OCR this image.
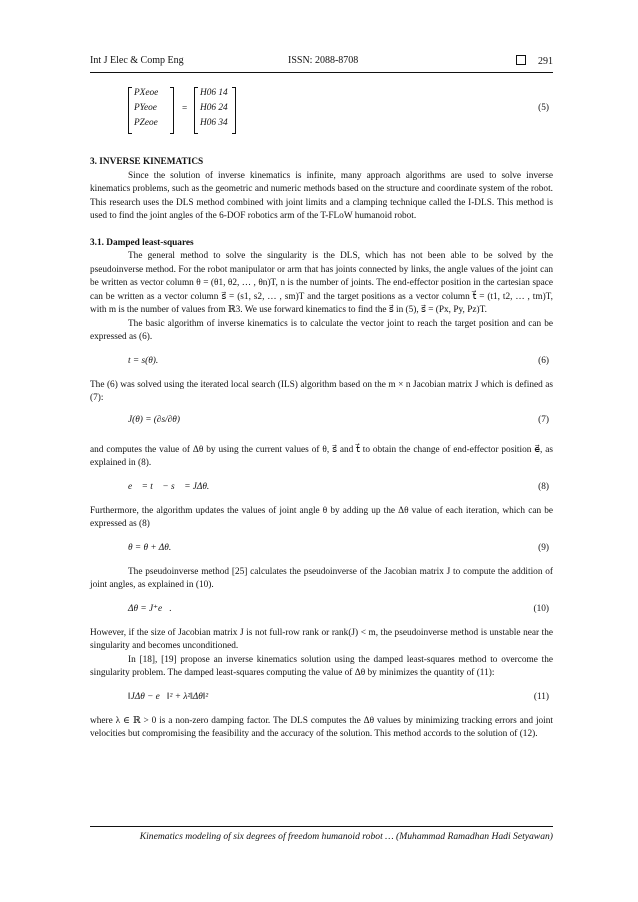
Int J Elec & Comp Eng	ISSN: 2088-8708	291
PXeoe
PYeoe
PZeoe
=
H06 14
H06 24
H06 34
(5)

3. INVERSE KINEMATICS

Since the solution of inverse kinematics is infinite, many approach algorithms are used to solve inverse kinematics problems, such as the geometric and numeric methods based on the structure and coordinate system of the robot. This research uses the DLS method combined with joint limits and a clamping technique called the I-DLS. This method is used to find the joint angles of the 6-DOF robotics arm of the T-FLoW humanoid robot.

3.1. Damped least-squares

The general method to solve the singularity is the DLS, which has not been able to be solved by the pseudoinverse method. For the robot manipulator or arm that has joints connected by links, the angle values of the joint can be written as vector column θ = (θ1, θ2, … , θn)T, n is the number of joints. The end-effector position in the cartesian space can be written as a vector column s⃗ = (s1, s2, … , sm)T and the target positions as a vector column t⃗ = (t1, t2, … , tm)T, with m is the number of values from ℝ3. We use forward kinematics to find the s⃗ in (5), s⃗ = (Px, Py, Pz)T.

The basic algorithm of inverse kinematics is to calculate the vector joint to reach the target position and can be expressed as (6).

t = s(θ).	(6)

The (6) was solved using the iterated local search (ILS) algorithm based on the m × n Jacobian matrix J which is defined as (7):

J(θ) = (∂s/∂θ)	(7)

and computes the value of Δθ by using the current values of θ, s⃗ and t⃗ to obtain the change of end-effector position e⃗, as explained in (8).

e⃗ = t⃗ − s⃗ = JΔθ.	(8)

Furthermore, the algorithm updates the values of joint angle θ by adding up the Δθ value of each iteration, which can be expressed as (8)

θ = θ + Δθ.	(9)

The pseudoinverse method [25] calculates the pseudoinverse of the Jacobian matrix J to compute the addition of joint angles, as explained in (10).

Δθ = J⁺e⃗.	(10)

However, if the size of Jacobian matrix J is not full-row rank or rank(J) < m, the pseudoinverse method is unstable near the singularity and becomes unconditioned.

In [18], [19] propose an inverse kinematics solution using the damped least-squares method to overcome the singularity problem. The damped least-squares computing the value of Δθ by minimizes the quantity of (11):

‖JΔθ − e⃗‖² + λ²‖Δθ‖²	(11)

where λ ∈ ℝ > 0 is a non-zero damping factor. The DLS computes the Δθ values by minimizing tracking errors and joint velocities but compromising the feasibility and the accuracy of the solution. This method accords to the solution of (12).

Kinematics modeling of six degrees of freedom humanoid robot … (Muhammad Ramadhan Hadi Setyawan)
